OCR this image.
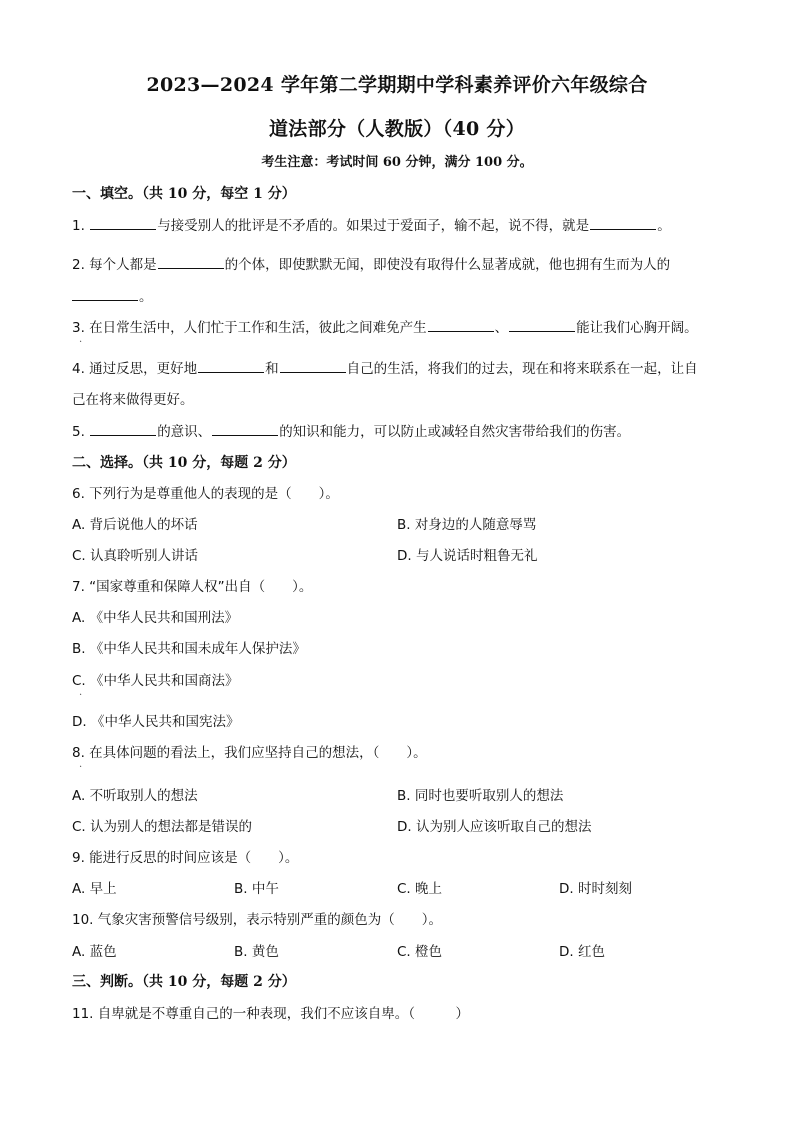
2023—2024 学年第二学期期中学科素养评价六年级综合
道法部分（人教版）（40 分）
考生注意：考试时间 60 分钟，满分 100 分。
一、填空。（共 10 分，每空 1 分）
1.	与接受别人的批评是不矛盾的。如果过于爱面子，输不起，说不得，就是	。
2. 每个人都是	的个体，即使默默无闻，即使没有取得什么显著成就，他也拥有生而为人的
。
3. 在日常生活中，人们忙于工作和生活，彼此之间难免产生	、	能让我们心胸开阔。
.
4. 通过反思，更好地	和	自己的生活，将我们的过去，现在和将来联系在一起，让自
己在将来做得更好。
5.	的意识、	的知识和能力，可以防止或减轻自然灾害带给我们的伤害。
二、选择。（共 10 分，每题 2 分）
6. 下列行为是尊重他人的表现的是（　　）。
A. 背后说他人的坏话	B. 对身边的人随意辱骂
C. 认真聆听别人讲话	D. 与人说话时粗鲁无礼
7. “国家尊重和保障人权”出自（　　）。
A. 《中华人民共和国刑法》
B. 《中华人民共和国未成年人保护法》
C. 《中华人民共和国商法》
.
D. 《中华人民共和国宪法》
8. 在具体问题的看法上，我们应坚持自己的想法，（　　）。
.
A. 不听取别人的想法	B. 同时也要听取别人的想法
C. 认为别人的想法都是错误的	D. 认为别人应该听取自己的想法
9. 能进行反思的时间应该是（　　）。
A. 早上	B. 中午	C. 晚上	D. 时时刻刻
10. 气象灾害预警信号级别，表示特别严重的颜色为（　　）。
A. 蓝色	B. 黄色	C. 橙色	D. 红色
三、判断。（共 10 分，每题 2 分）
11. 自卑就是不尊重自己的一种表现，我们不应该自卑。（　　　）
